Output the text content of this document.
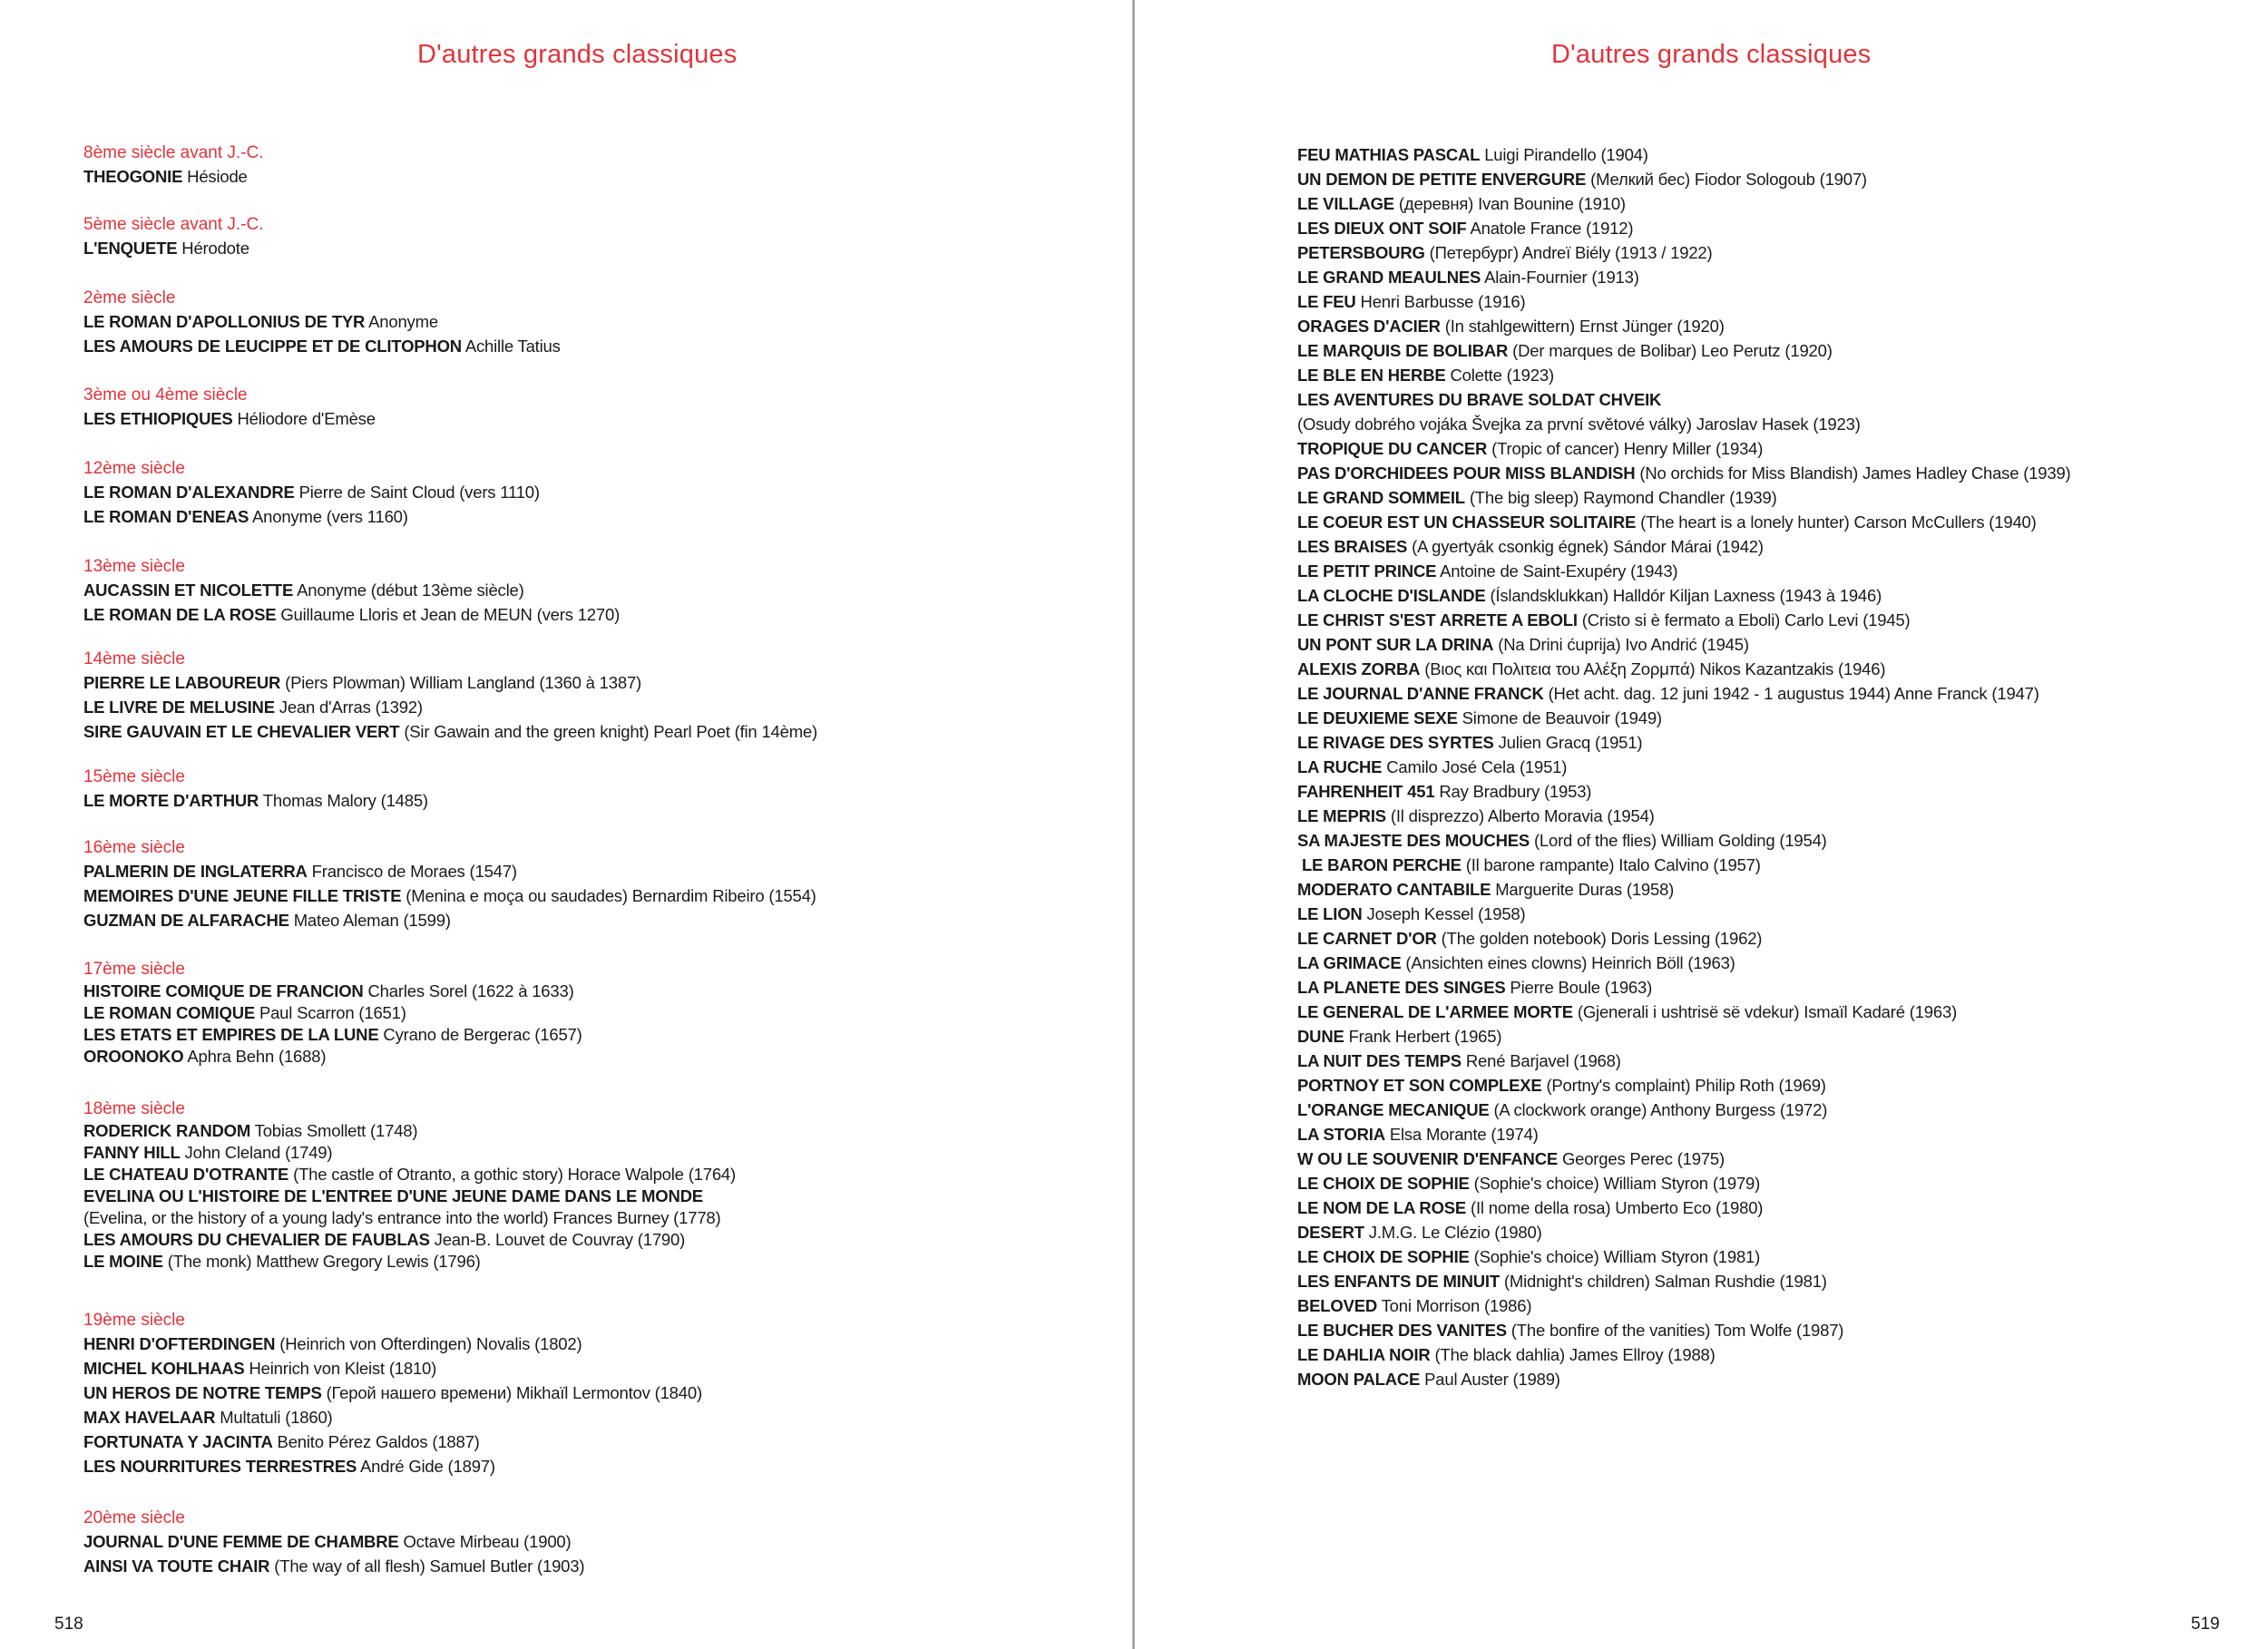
D'autres grands classiques
8ème siècle avant J.-C.
THEOGONIE Hésiode
5ème siècle avant J.-C.
L'ENQUETE Hérodote
2ème siècle
LE ROMAN D'APOLLONIUS DE TYR Anonyme
LES AMOURS DE LEUCIPPE ET DE CLITOPHON Achille Tatius
3ème ou 4ème siècle
LES ETHIOPIQUES Héliodore d'Emèse
12ème siècle
LE ROMAN D'ALEXANDRE Pierre de Saint Cloud (vers 1110)
LE ROMAN D'ENEAS Anonyme (vers 1160)
13ème siècle
AUCASSIN ET NICOLETTE Anonyme (début 13ème siècle)
LE ROMAN DE LA ROSE Guillaume Lloris et Jean de MEUN (vers 1270)
14ème siècle
PIERRE LE LABOUREUR (Piers Plowman) William Langland (1360 à 1387)
LE LIVRE DE MELUSINE Jean d'Arras (1392)
SIRE GAUVAIN ET LE CHEVALIER VERT (Sir Gawain and the green knight) Pearl Poet (fin 14ème)
15ème siècle
LE MORTE D'ARTHUR Thomas Malory (1485)
16ème siècle
PALMERIN DE INGLATERRA Francisco de Moraes (1547)
MEMOIRES D'UNE JEUNE FILLE TRISTE (Menina e moça ou saudades) Bernardim Ribeiro (1554)
GUZMAN DE ALFARACHE Mateo Aleman (1599)
17ème siècle
HISTOIRE COMIQUE DE FRANCION Charles Sorel (1622 à 1633)
LE ROMAN COMIQUE Paul Scarron (1651)
LES ETATS ET EMPIRES DE LA LUNE Cyrano de Bergerac (1657)
OROONOKO Aphra Behn (1688)
18ème siècle
RODERICK RANDOM Tobias Smollett (1748)
FANNY HILL John Cleland (1749)
LE CHATEAU D'OTRANTE (The castle of Otranto, a gothic story) Horace Walpole (1764)
EVELINA OU L'HISTOIRE DE L'ENTREE D'UNE JEUNE DAME DANS LE MONDE
(Evelina, or the history of a young lady's entrance into the world) Frances Burney (1778)
LES AMOURS DU CHEVALIER DE FAUBLAS Jean-B. Louvet de Couvray (1790)
LE MOINE (The monk) Matthew Gregory Lewis (1796)
19ème siècle
HENRI D'OFTERDINGEN (Heinrich von Ofterdingen) Novalis (1802)
MICHEL KOHLHAAS Heinrich von Kleist (1810)
UN HEROS DE NOTRE TEMPS (Герой нашего времени) Mikhaïl Lermontov (1840)
MAX HAVELAAR Multatuli (1860)
FORTUNATA Y JACINTA Benito Pérez Galdos (1887)
LES NOURRITURES TERRESTRES André Gide (1897)
20ème siècle
JOURNAL D'UNE FEMME DE CHAMBRE Octave Mirbeau (1900)
AINSI VA TOUTE CHAIR (The way of all flesh) Samuel Butler (1903)
518
D'autres grands classiques
FEU MATHIAS PASCAL Luigi Pirandello (1904)
UN DEMON DE PETITE ENVERGURE (Мелкий бес) Fiodor Sologoub (1907)
LE VILLAGE (деревня) Ivan Bounine (1910)
LES DIEUX ONT SOIF Anatole France (1912)
PETERSBOURG (Петербург) Andreï Biély (1913 / 1922)
LE GRAND MEAULNES Alain-Fournier (1913)
LE FEU Henri Barbusse (1916)
ORAGES D'ACIER (In stahlgewittern) Ernst Jünger (1920)
LE MARQUIS DE BOLIBAR (Der marques de Bolibar) Leo Perutz (1920)
LE BLE EN HERBE Colette (1923)
LES AVENTURES DU BRAVE SOLDAT CHVEIK
(Osudy dobrého vojáka Švejka za první světové války) Jaroslav Hasek (1923)
TROPIQUE DU CANCER (Tropic of cancer) Henry Miller (1934)
PAS D'ORCHIDEES POUR MISS BLANDISH (No orchids for Miss Blandish) James Hadley Chase (1939)
LE GRAND SOMMEIL (The big sleep) Raymond Chandler (1939)
LE COEUR EST UN CHASSEUR SOLITAIRE (The heart is a lonely hunter) Carson McCullers (1940)
LES BRAISES (A gyertyák csonkig égnek) Sándor Márai (1942)
LE PETIT PRINCE Antoine de Saint-Exupéry (1943)
LA CLOCHE D'ISLANDE (Íslandsklukkan) Halldór Kiljan Laxness (1943 à 1946)
LE CHRIST S'EST ARRETE A EBOLI (Cristo si è fermato a Eboli) Carlo Levi (1945)
UN PONT SUR LA DRINA (Na Drini ćuprija) Ivo Andrić (1945)
ALEXIS ZORBA (Βιος και Πολιτεια του Αλέξη Ζορμπά) Nikos Kazantzakis (1946)
LE JOURNAL D'ANNE FRANCK (Het acht. dag. 12 juni 1942 - 1 augustus 1944) Anne Franck (1947)
LE DEUXIEME SEXE Simone de Beauvoir (1949)
LE RIVAGE DES SYRTES Julien Gracq (1951)
LA RUCHE Camilo José Cela (1951)
FAHRENHEIT 451 Ray Bradbury (1953)
LE MEPRIS (Il disprezzo) Alberto Moravia (1954)
SA MAJESTE DES MOUCHES (Lord of the flies) William Golding (1954)
LE BARON PERCHE (Il barone rampante) Italo Calvino (1957)
MODERATO CANTABILE Marguerite Duras (1958)
LE LION Joseph Kessel (1958)
LE CARNET D'OR (The golden notebook) Doris Lessing (1962)
LA GRIMACE (Ansichten eines clowns) Heinrich Böll (1963)
LA PLANETE DES SINGES Pierre Boule (1963)
LE GENERAL DE L'ARMEE MORTE (Gjenerali i ushtrisë së vdekur) Ismaïl Kadaré (1963)
DUNE Frank Herbert (1965)
LA NUIT DES TEMPS René Barjavel (1968)
PORTNOY ET SON COMPLEXE (Portny's complaint) Philip Roth (1969)
L'ORANGE MECANIQUE (A clockwork orange) Anthony Burgess (1972)
LA STORIA Elsa Morante (1974)
W OU LE SOUVENIR D'ENFANCE Georges Perec (1975)
LE CHOIX DE SOPHIE (Sophie's choice) William Styron (1979)
LE NOM DE LA ROSE (Il nome della rosa) Umberto Eco (1980)
DESERT J.M.G. Le Clézio (1980)
LE CHOIX DE SOPHIE (Sophie's choice) William Styron (1981)
LES ENFANTS DE MINUIT (Midnight's children) Salman Rushdie (1981)
BELOVED Toni Morrison (1986)
LE BUCHER DES VANITES (The bonfire of the vanities) Tom Wolfe (1987)
LE DAHLIA NOIR (The black dahlia) James Ellroy (1988)
MOON PALACE Paul Auster (1989)
519
